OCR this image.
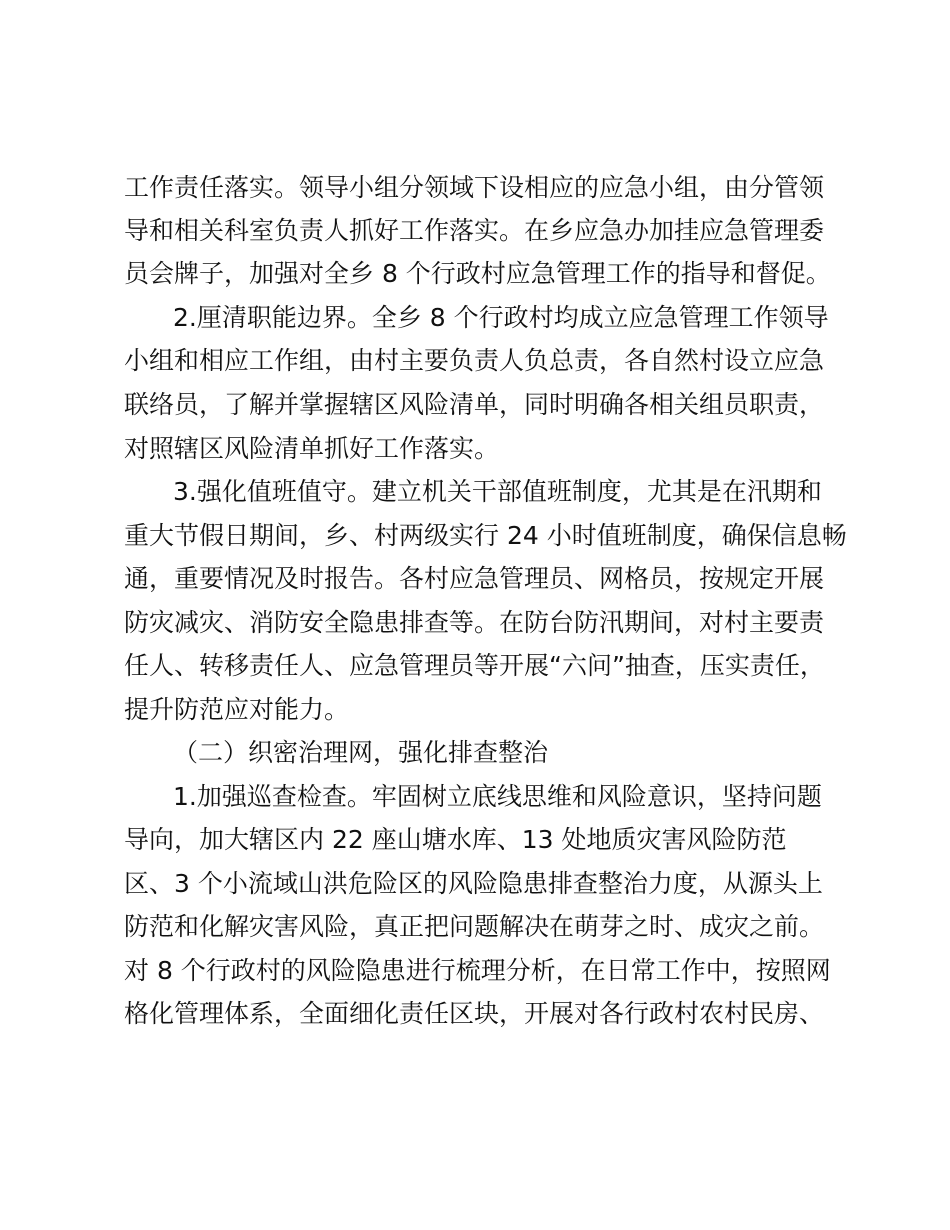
工作责任落实。领导小组分领域下设相应的应急小组，由分管领
导和相关科室负责人抓好工作落实。在乡应急办加挂应急管理委
员会牌子，加强对全乡 8 个行政村应急管理工作的指导和督促。
2.厘清职能边界。全乡 8 个行政村均成立应急管理工作领导
小组和相应工作组，由村主要负责人负总责，各自然村设立应急
联络员，了解并掌握辖区风险清单，同时明确各相关组员职责，
对照辖区风险清单抓好工作落实。
3.强化值班值守。建立机关干部值班制度，尤其是在汛期和
重大节假日期间，乡、村两级实行 24 小时值班制度，确保信息畅
通，重要情况及时报告。各村应急管理员、网格员，按规定开展
防灾减灾、消防安全隐患排查等。在防台防汛期间，对村主要责
任人、转移责任人、应急管理员等开展“六问”抽查，压实责任，
提升防范应对能力。
（二）织密治理网，强化排查整治
1.加强巡查检查。牢固树立底线思维和风险意识，坚持问题
导向，加大辖区内 22 座山塘水库、13 处地质灾害风险防范
区、3 个小流域山洪危险区的风险隐患排查整治力度，从源头上
防范和化解灾害风险，真正把问题解决在萌芽之时、成灾之前。
对 8 个行政村的风险隐患进行梳理分析，在日常工作中，按照网
格化管理体系，全面细化责任区块，开展对各行政村农村民房、
